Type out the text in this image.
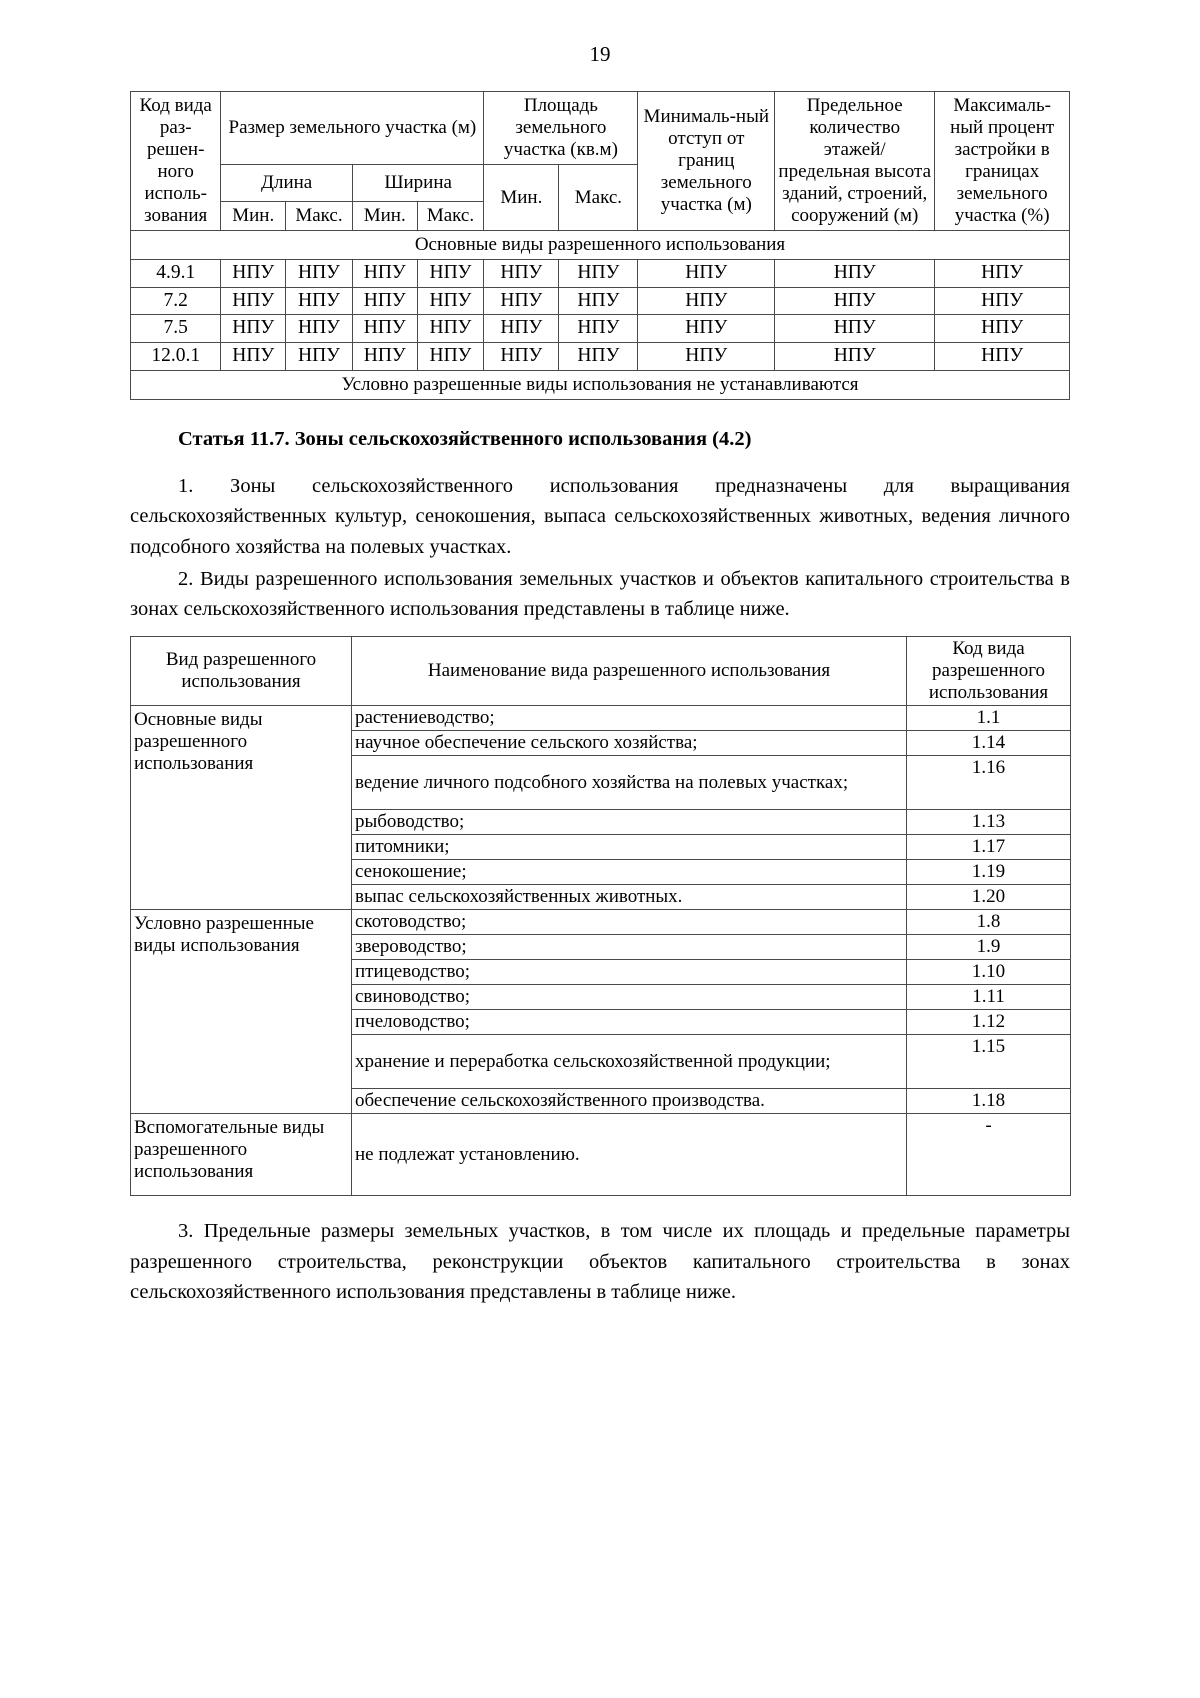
19
Код вида раз-решен-ного исполь-зования	Размер земельного участка (м)				Площадь земельного участка (кв.м)		Минималь-ный отступ от границ земельного участка (м)	Предельное количество этажей/ предельная высота зданий, строений, сооружений (м)	Максималь-ный процент застройки в границах земельного участка (%)
	Длина		Ширина		Мин.	Макс.			
	Мин.	Макс.	Мин.	Макс.					
Основные виды разрешенного использования									
4.9.1	НПУ	НПУ	НПУ	НПУ	НПУ	НПУ	НПУ	НПУ	НПУ
7.2	НПУ	НПУ	НПУ	НПУ	НПУ	НПУ	НПУ	НПУ	НПУ
7.5	НПУ	НПУ	НПУ	НПУ	НПУ	НПУ	НПУ	НПУ	НПУ
12.0.1	НПУ	НПУ	НПУ	НПУ	НПУ	НПУ	НПУ	НПУ	НПУ
Условно разрешенные виды использования не устанавливаются									
Статья 11.7. Зоны сельскохозяйственного использования (4.2)

1. Зоны сельскохозяйственного использования предназначены для выращивания сельскохозяйственных культур, сенокошения, выпаса сельскохозяйственных животных, ведения личного подсобного хозяйства на полевых участках.

2. Виды разрешенного использования земельных участков и объектов капитального строительства в зонах сельскохозяйственного использования представлены в таблице ниже.

Вид разрешенного использования	Наименование вида разрешенного использования	Код вида разрешенного использования
Основные виды разрешенного использования	растениеводство;	1.1
	научное обеспечение сельского хозяйства;	1.14
	ведение личного подсобного хозяйства на полевых участках;	1.16
	рыбоводство;	1.13
	питомники;	1.17
	сенокошение;	1.19
	выпас сельскохозяйственных животных.	1.20
Условно разрешенные виды использования	скотоводство;	1.8
	звероводство;	1.9
	птицеводство;	1.10
	свиноводство;	1.11
	пчеловодство;	1.12
	хранение и переработка сельскохозяйственной продукции;	1.15
	обеспечение сельскохозяйственного производства.	1.18
Вспомогательные виды разрешенного использования	не подлежат установлению.	-

3. Предельные размеры земельных участков, в том числе их площадь и предельные параметры разрешенного строительства, реконструкции объектов капитального строительства в зонах сельскохозяйственного использования представлены в таблице ниже.
